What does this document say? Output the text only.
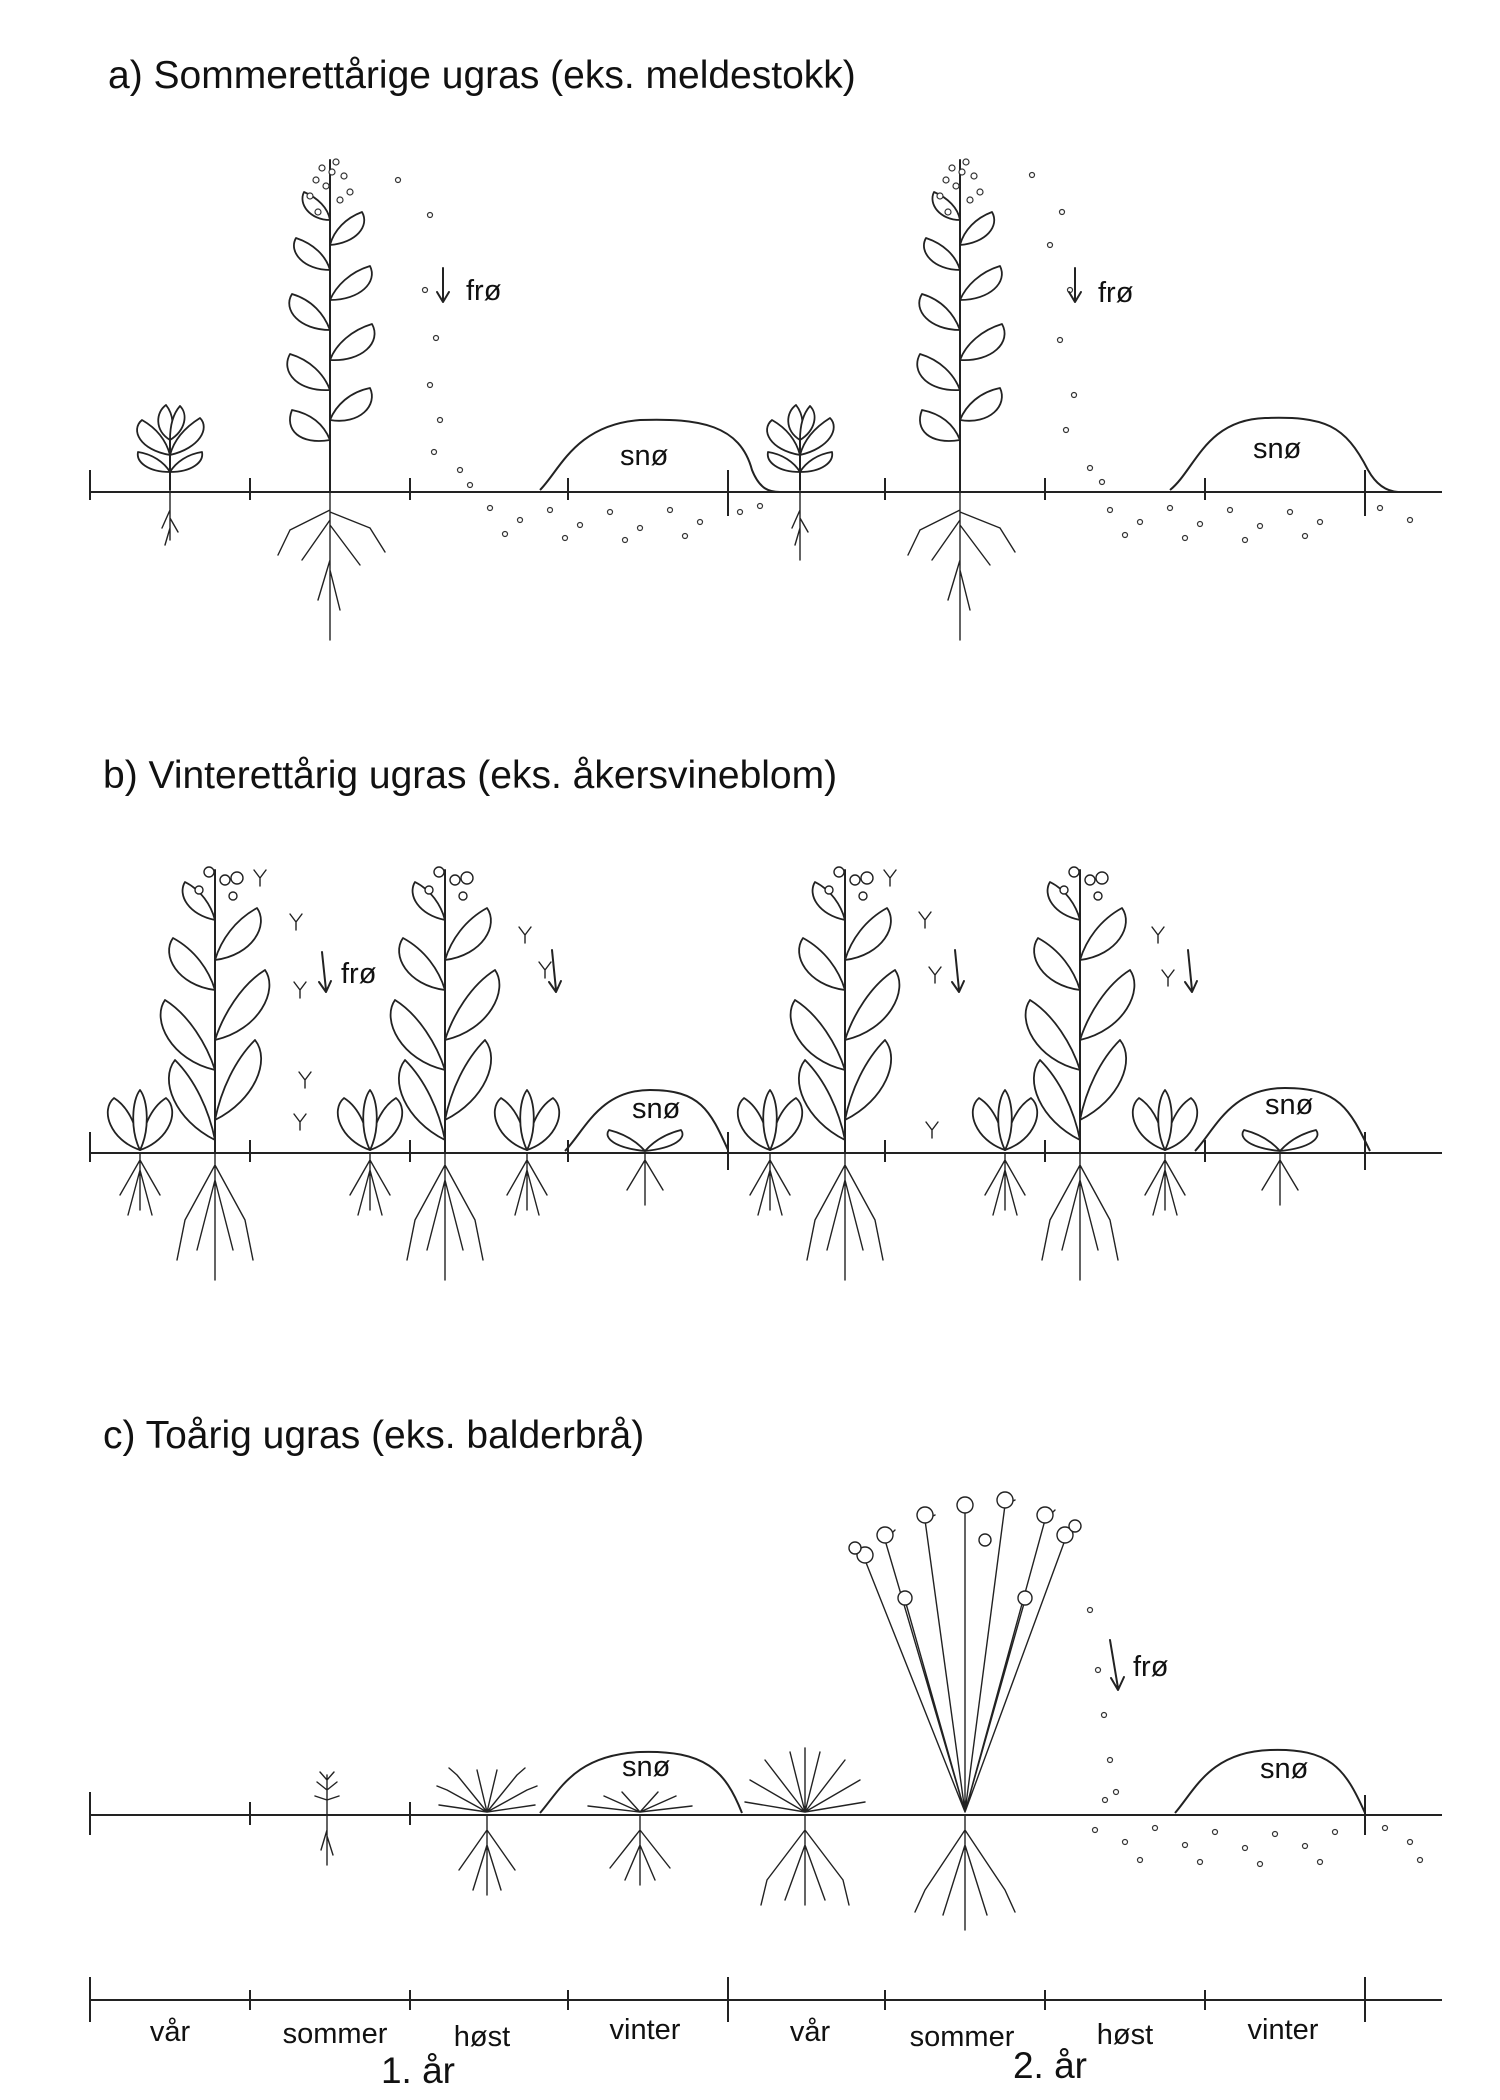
a) Sommerettårige ugras (eks. meldestokk)
frø
snø
frø
snø
b) Vinterettårig ugras (eks. åkersvineblom)
frø
snø	snø
c) Toårig ugras (eks. balderbrå)
snø
frø
snø
vår	sommer høst	vinter	vår	sommer	høst	vinter
1. år	2. år
